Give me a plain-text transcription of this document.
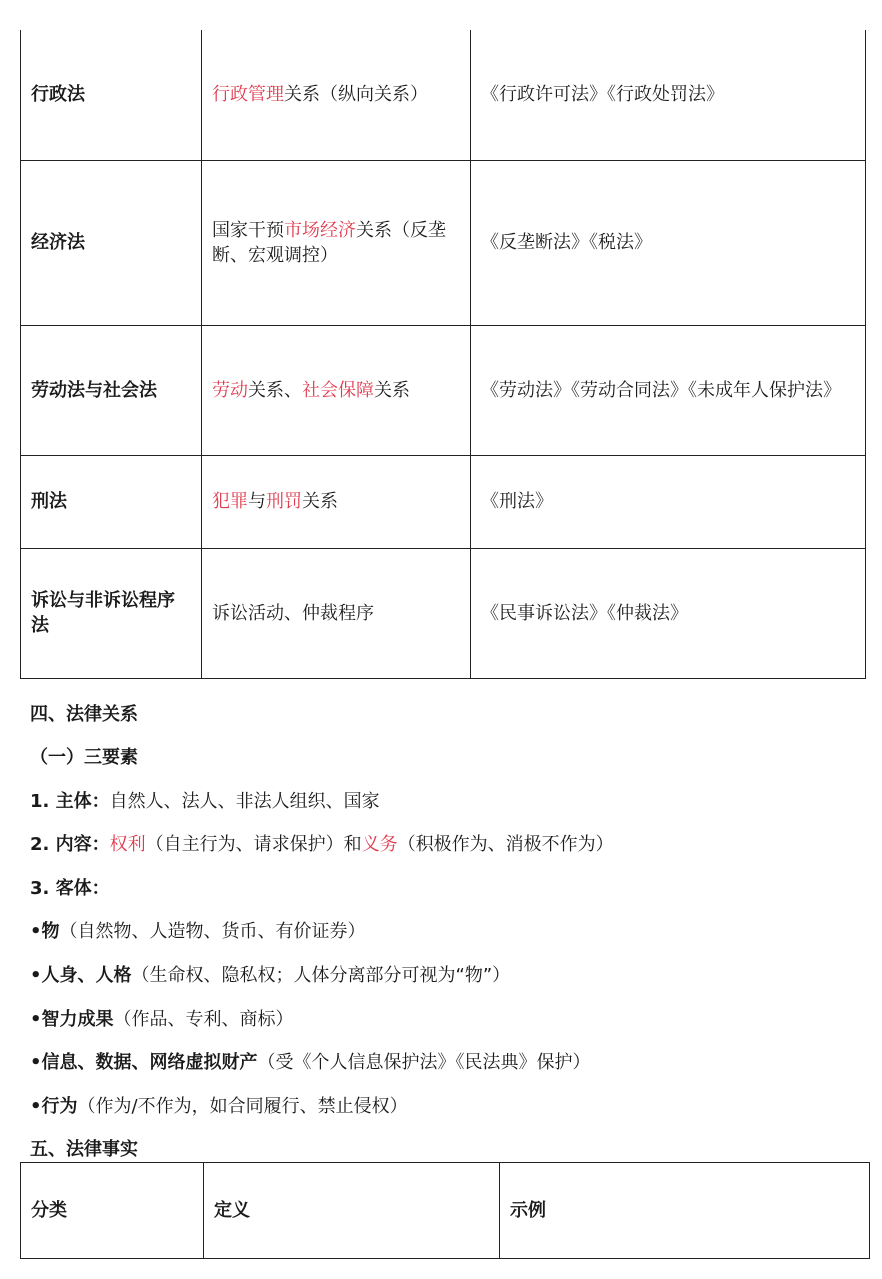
行政法	行政管理关系（纵向关系）	《行政许可法》《行政处罚法》
经济法	国家干预市场经济关系（反垄断、宏观调控）	《反垄断法》《税法》
劳动法与社会法	劳动关系、社会保障关系	《劳动法》《劳动合同法》《未成年人保护法》
刑法	犯罪与刑罚关系	《刑法》
诉讼与非诉讼程序法	诉讼活动、仲裁程序	《民事诉讼法》《仲裁法》
四、法律关系
（一）三要素
1. 主体：自然人、法人、非法人组织、国家
2. 内容：权利（自主行为、请求保护）和义务（积极作为、消极不作为）
3. 客体：
•物（自然物、人造物、货币、有价证券）
•人身、人格（生命权、隐私权；人体分离部分可视为“物”）
•智力成果（作品、专利、商标）
•信息、数据、网络虚拟财产（受《个人信息保护法》《民法典》保护）
•行为（作为/不作为，如合同履行、禁止侵权）
五、法律事实
分类	定义	示例
